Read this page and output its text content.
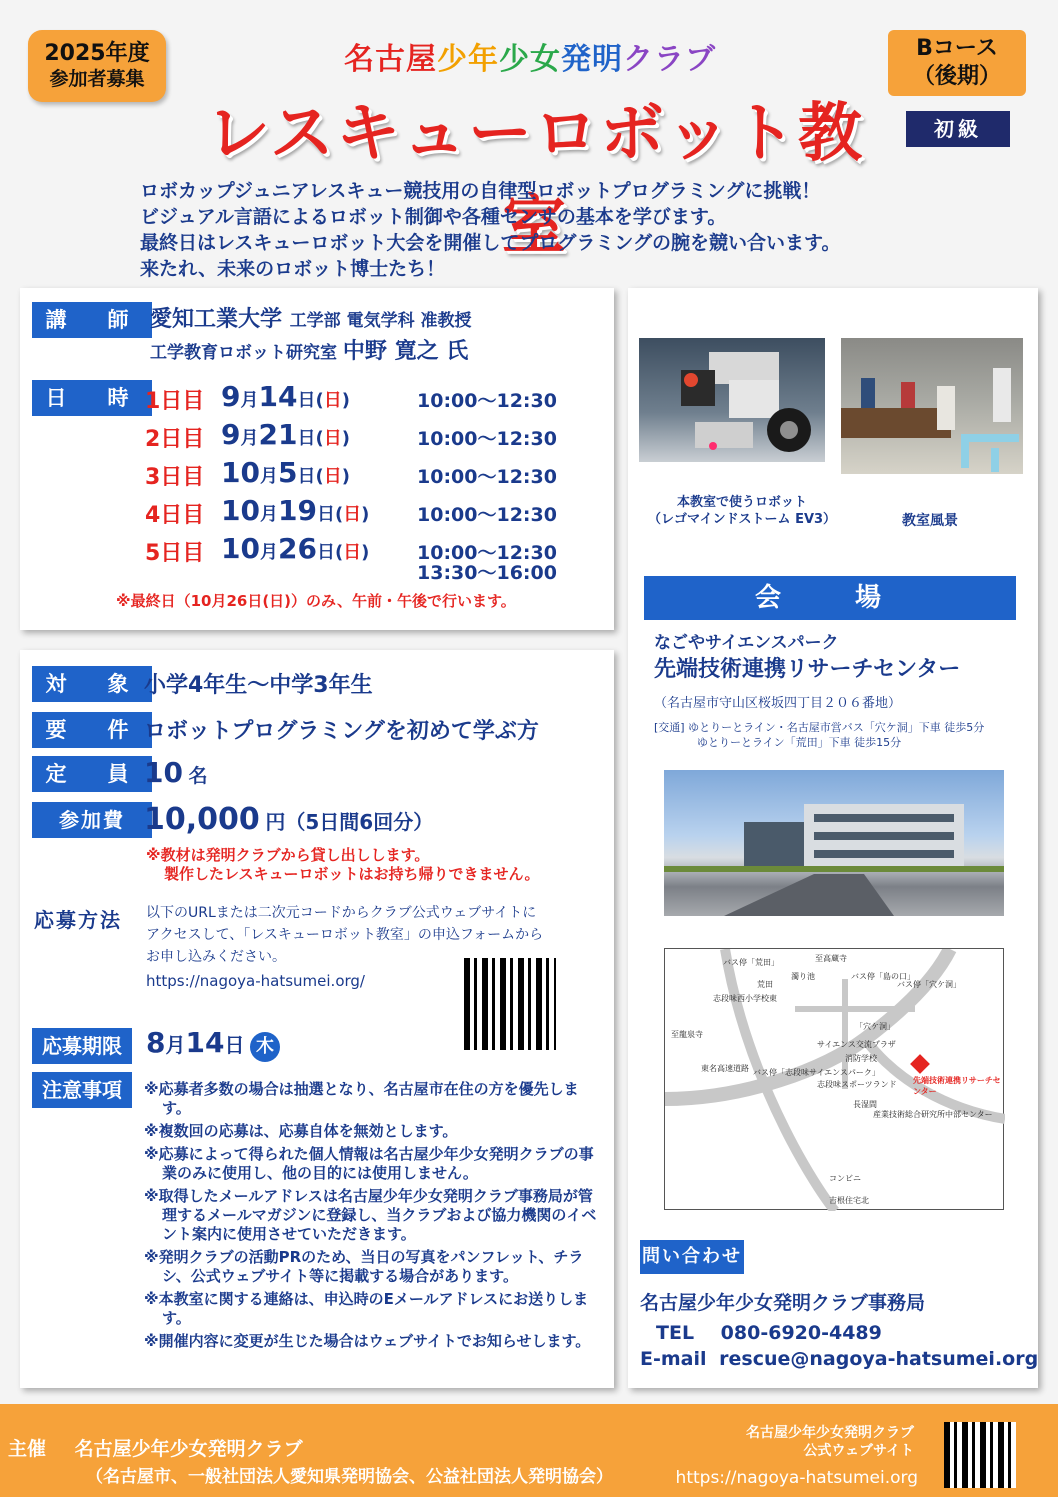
2025年度
参加者募集
名古屋少年少女発明クラブ
レスキューロボット教室
Bコース
（後期）
初級
ロボカップジュニアレスキュー競技用の自律型ロボットプログラミングに挑戦！
ビジュアル言語によるロボット制御や各種センサの基本を学びます。
最終日はレスキューロボット大会を開催してプログラミングの腕を競い合います。
来たれ、未来のロボット博士たち！
講　師 愛知工業大学 工学部 電気学科 准教授
工学教育ロボット研究室 中野 寛之 氏
日　時 1日目 9月14日(日)	10:00～12:30
2日目 9月21日(日)	10:00～12:30
3日目 10月5日(日)	10:00～12:30
4日目 10月19日(日)	10:00～12:30
5日目 10月26日(日)	10:00～12:30
13:30～16:00
※最終日（10月26日(日)）のみ、午前・午後で行います。
本教室で使うロボット
（レゴマインドストーム EV3）	教室風景
会　場
なごやサイエンスパーク
先端技術連携リサーチセンター
（名古屋市守山区桜坂四丁目２０６番地）
[交通] ゆとりーとライン・名古屋市営バス「穴ケ洞」下車 徒歩5分
ゆとりーとライン「荒田」下車 徒歩15分
バス停「荒田」
荒田
至高蔵寺
濁り池	バス停「島の口」
バス停「穴ケ洞」
志段味西小学校東
至龍泉寺
「穴ケ洞」
サイエンス交流プラザ
消防学校
東名高速道路 バス停「志段味サイエンスパーク」
志段味スポーツランド
長湿間
先端技術連携リサーチセンター
産業技術総合研究所中部センター
コンビニ
吉根住宅北
問い合わせ
名古屋少年少女発明クラブ事務局
TEL 080-6920-4489
E-mail rescue@nagoya-hatsumei.org
対　象 小学4年生〜中学3年生
要　件 ロボットプログラミングを初めて学ぶ方
定　員 10 名
参加費 10,000 円（5日間6回分）
※教材は発明クラブから貸し出しします。
製作したレスキューロボットはお持ち帰りできません。
応募方法	以下のURLまたは二次元コードからクラブ公式ウェブサイトに
アクセスして、「レスキューロボット教室」の申込フォームから
お申し込みください。
https://nagoya-hatsumei.org/
応募期限 8月14日 木
注意事項	※応募者多数の場合は抽選となり、名古屋市在住の方を優先します。
※複数回の応募は、応募自体を無効とします。
※応募によって得られた個人情報は名古屋少年少女発明クラブの事業のみに使用し、他の目的には使用しません。
※取得したメールアドレスは名古屋少年少女発明クラブ事務局が管理するメールマガジンに登録し、当クラブおよび協力機関のイベント案内に使用させていただきます。
※発明クラブの活動PRのため、当日の写真をパンフレット、チラシ、公式ウェブサイト等に掲載する場合があります。
※本教室に関する連絡は、申込時のEメールアドレスにお送りします。
※開催内容に変更が生じた場合はウェブサイトでお知らせします。
主催 名古屋少年少女発明クラブ
（名古屋市、一般社団法人愛知県発明協会、公益社団法人発明協会）
名古屋少年少女発明クラブ
公式ウェブサイト
https://nagoya-hatsumei.org
